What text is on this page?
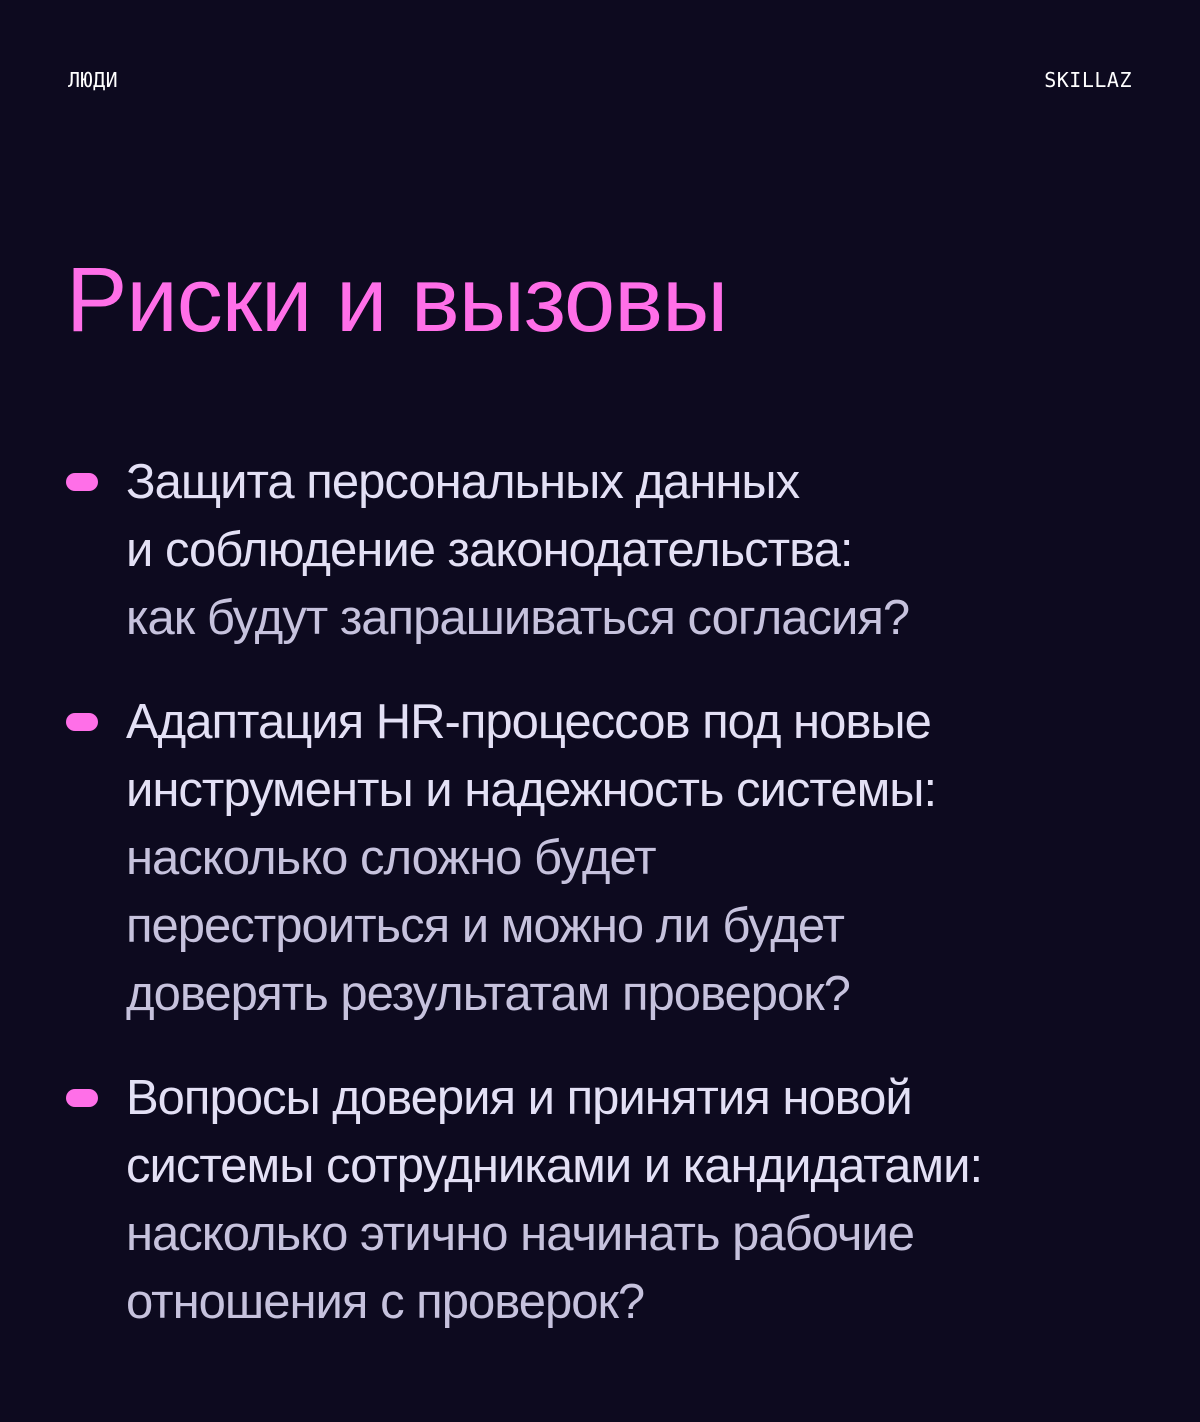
ЛЮДИ	SKILLAZ
Риски и вызовы

Защита персональных данных
и соблюдение законодательства:
как будут запрашиваться согласия?

Адаптация HR-процессов под новые
инструменты и надежность системы:
насколько сложно будет
перестроиться и можно ли будет
доверять результатам проверок?

Вопросы доверия и принятия новой
системы сотрудниками и кандидатами:
насколько этично начинать рабочие
отношения с проверок?
